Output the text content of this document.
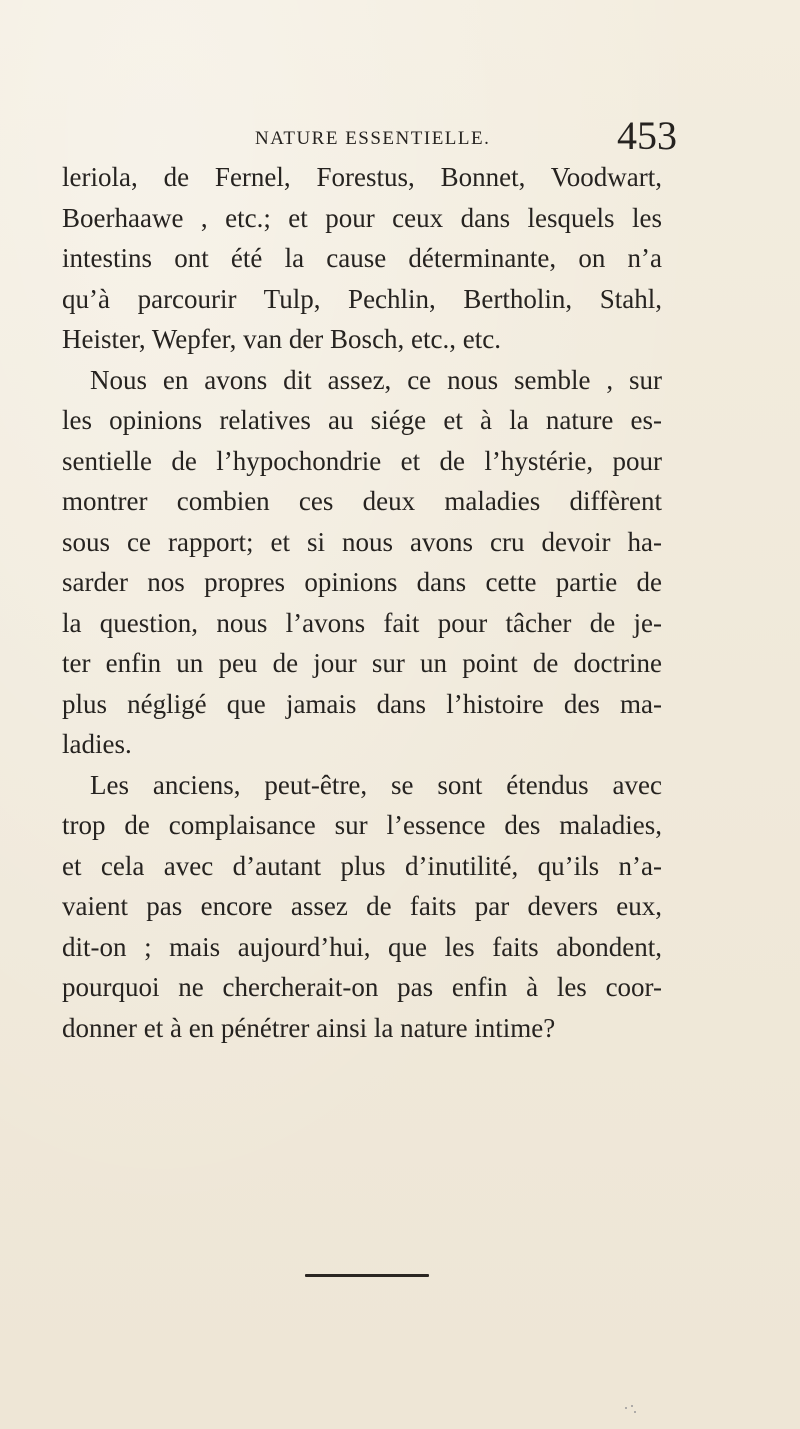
NATURE ESSENTIELLE.	453
leriola, de Fernel, Forestus, Bonnet, Voodwart,
Boerhaawe , etc.; et pour ceux dans lesquels les
intestins ont été la cause déterminante, on n’a
qu’à parcourir Tulp, Pechlin, Bertholin, Stahl,
Heister, Wepfer, van der Bosch, etc., etc.
Nous en avons dit assez, ce nous semble , sur
les opinions relatives au siége et à la nature es-
sentielle de l’hypochondrie et de l’hystérie, pour
montrer combien ces deux maladies diffèrent
sous ce rapport; et si nous avons cru devoir ha-
sarder nos propres opinions dans cette partie de
la question, nous l’avons fait pour tâcher de je-
ter enfin un peu de jour sur un point de doctrine
plus négligé que jamais dans l’histoire des ma-
ladies.
Les anciens, peut-être, se sont étendus avec
trop de complaisance sur l’essence des maladies,
et cela avec d’autant plus d’inutilité, qu’ils n’a-
vaient pas encore assez de faits par devers eux,
dit-on ; mais aujourd’hui, que les faits abondent,
pourquoi ne chercherait-on pas enfin à les coor-
donner et à en pénétrer ainsi la nature intime?
